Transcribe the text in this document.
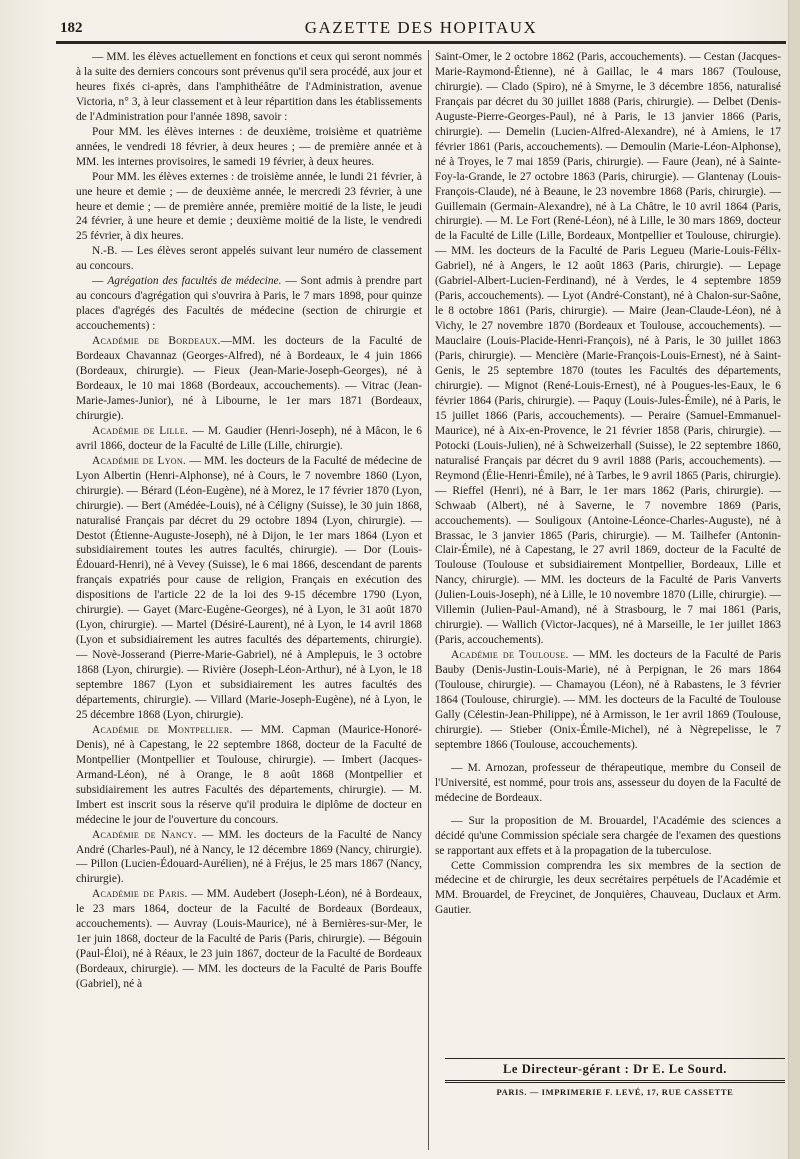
182	GAZETTE DES HOPITAUX

— MM. les élèves actuellement en fonctions et ceux qui seront nommés à la suite des derniers concours sont prévenus qu'il sera procédé, aux jour et heures fixés ci-après, dans l'amphithéâtre de l'Administration, avenue Victoria, n° 3, à leur classement et à leur répartition dans les établissements de l'Administration pour l'année 1898, savoir :

Pour MM. les élèves internes : de deuxième, troisième et quatrième années, le vendredi 18 février, à deux heures ; — de première année et à MM. les internes provisoires, le samedi 19 février, à deux heures.

Pour MM. les élèves externes : de troisième année, le lundi 21 février, à une heure et demie ; — de deuxième année, le mercredi 23 février, à une heure et demie ; — de première année, première moitié de la liste, le jeudi 24 février, à une heure et demie ; deuxième moitié de la liste, le vendredi 25 février, à dix heures.

N.-B. — Les élèves seront appelés suivant leur numéro de classement au concours.

— Agrégation des facultés de médecine. — Sont admis à prendre part au concours d'agrégation qui s'ouvrira à Paris, le 7 mars 1898, pour quinze places d'agrégés des Facultés de médecine (section de chirurgie et accouchements) :

Académie de Bordeaux.—MM. les docteurs de la Faculté de Bordeaux Chavannaz (Georges-Alfred), né à Bordeaux, le 4 juin 1866 (Bordeaux, chirurgie). — Fieux (Jean-Marie-Joseph-Georges), né à Bordeaux, le 10 mai 1868 (Bordeaux, accouchements). — Vitrac (Jean-Marie-James-Junior), né à Libourne, le 1er mars 1871 (Bordeaux, chirurgie).

Académie de Lille. — M. Gaudier (Henri-Joseph), né à Mâcon, le 6 avril 1866, docteur de la Faculté de Lille (Lille, chirurgie).

Académie de Lyon. — MM. les docteurs de la Faculté de médecine de Lyon Albertin (Henri-Alphonse), né à Cours, le 7 novembre 1860 (Lyon, chirurgie). — Bérard (Léon-Eugène), né à Morez, le 17 février 1870 (Lyon, chirurgie). — Bert (Amédée-Louis), né à Céligny (Suisse), le 30 juin 1868, naturalisé Français par décret du 29 octobre 1894 (Lyon, chirurgie). — Destot (Étienne-Auguste-Joseph), né à Dijon, le 1er mars 1864 (Lyon et subsidiairement toutes les autres facultés, chirurgie). — Dor (Louis-Édouard-Henri), né à Vevey (Suisse), le 6 mai 1866, descendant de parents français expatriés pour cause de religion, Français en exécution des dispositions de l'article 22 de la loi des 9-15 décembre 1790 (Lyon, chirurgie). — Gayet (Marc-Eugène-Georges), né à Lyon, le 31 août 1870 (Lyon, chirurgie). — Martel (Désiré-Laurent), né à Lyon, le 14 avril 1868 (Lyon et subsidiairement les autres facultés des départements, chirurgie). — Novè-Josserand (Pierre-Marie-Gabriel), né à Amplepuis, le 3 octobre 1868 (Lyon, chirurgie). — Rivière (Joseph-Léon-Arthur), né à Lyon, le 18 septembre 1867 (Lyon et subsidiairement les autres facultés des départements, chirurgie). — Villard (Marie-Joseph-Eugène), né à Lyon, le 25 décembre 1868 (Lyon, chirurgie).

Académie de Montpellier. — MM. Capman (Maurice-Honoré-Denis), né à Capestang, le 22 septembre 1868, docteur de la Faculté de Montpellier (Montpellier et Toulouse, chirurgie). — Imbert (Jacques-Armand-Léon), né à Orange, le 8 août 1868 (Montpellier et subsidiairement les autres Facultés des départements, chirurgie). — M. Imbert est inscrit sous la réserve qu'il produira le diplôme de docteur en médecine le jour de l'ouverture du concours.

Académie de Nancy. — MM. les docteurs de la Faculté de Nancy André (Charles-Paul), né à Nancy, le 12 décembre 1869 (Nancy, chirurgie). — Pillon (Lucien-Édouard-Aurélien), né à Fréjus, le 25 mars 1867 (Nancy, chirurgie).

Académie de Paris. — MM. Audebert (Joseph-Léon), né à Bordeaux, le 23 mars 1864, docteur de la Faculté de Bordeaux (Bordeaux, accouchements). — Auvray (Louis-Maurice), né à Bernières-sur-Mer, le 1er juin 1868, docteur de la Faculté de Paris (Paris, chirurgie). — Bégouin (Paul-Éloi), né à Réaux, le 23 juin 1867, docteur de la Faculté de Bordeaux (Bordeaux, chirurgie). — MM. les docteurs de la Faculté de Paris Bouffe (Gabriel), né à

Saint-Omer, le 2 octobre 1862 (Paris, accouchements). — Cestan (Jacques-Marie-Raymond-Étienne), né à Gaillac, le 4 mars 1867 (Toulouse, chirurgie). — Clado (Spiro), né à Smyrne, le 3 décembre 1856, naturalisé Français par décret du 30 juillet 1888 (Paris, chirurgie). — Delbet (Denis-Auguste-Pierre-Georges-Paul), né à Paris, le 13 janvier 1866 (Paris, chirurgie). — Demelin (Lucien-Alfred-Alexandre), né à Amiens, le 17 février 1861 (Paris, accouchements). — Demoulin (Marie-Léon-Alphonse), né à Troyes, le 7 mai 1859 (Paris, chirurgie). — Faure (Jean), né à Sainte-Foy-la-Grande, le 27 octobre 1863 (Paris, chirurgie). — Glantenay (Louis-François-Claude), né à Beaune, le 23 novembre 1868 (Paris, chirurgie). — Guillemain (Germain-Alexandre), né à La Châtre, le 10 avril 1864 (Paris, chirurgie). — M. Le Fort (René-Léon), né à Lille, le 30 mars 1869, docteur de la Faculté de Lille (Lille, Bordeaux, Montpellier et Toulouse, chirurgie). — MM. les docteurs de la Faculté de Paris Legueu (Marie-Louis-Félix-Gabriel), né à Angers, le 12 août 1863 (Paris, chirurgie). — Lepage (Gabriel-Albert-Lucien-Ferdinand), né à Verdes, le 4 septembre 1859 (Paris, accouchements). — Lyot (André-Constant), né à Chalon-sur-Saône, le 8 octobre 1861 (Paris, chirurgie). — Maire (Jean-Claude-Léon), né à Vichy, le 27 novembre 1870 (Bordeaux et Toulouse, accouchements). — Mauclaire (Louis-Placide-Henri-François), né à Paris, le 30 juillet 1863 (Paris, chirurgie). — Mencière (Marie-François-Louis-Ernest), né à Saint-Genis, le 25 septembre 1870 (toutes les Facultés des départements, chirurgie). — Mignot (René-Louis-Ernest), né à Pougues-les-Eaux, le 6 février 1864 (Paris, chirurgie). — Paquy (Louis-Jules-Émile), né à Paris, le 15 juillet 1866 (Paris, accouchements). — Peraire (Samuel-Emmanuel-Maurice), né à Aix-en-Provence, le 21 février 1858 (Paris, chirurgie). — Potocki (Louis-Julien), né à Schweizerhall (Suisse), le 22 septembre 1860, naturalisé Français par décret du 9 avril 1888 (Paris, accouchements). — Reymond (Élie-Henri-Émile), né à Tarbes, le 9 avril 1865 (Paris, chirurgie). — Rieffel (Henri), né à Barr, le 1er mars 1862 (Paris, chirurgie). — Schwaab (Albert), né à Saverne, le 7 novembre 1869 (Paris, accouchements). — Souligoux (Antoine-Léonce-Charles-Auguste), né à Brassac, le 3 janvier 1865 (Paris, chirurgie). — M. Tailhefer (Antonin-Clair-Émile), né à Capestang, le 27 avril 1869, docteur de la Faculté de Toulouse (Toulouse et subsidiairement Montpellier, Bordeaux, Lille et Nancy, chirurgie). — MM. les docteurs de la Faculté de Paris Vanverts (Julien-Louis-Joseph), né à Lille, le 10 novembre 1870 (Lille, chirurgie). — Villemin (Julien-Paul-Amand), né à Strasbourg, le 7 mai 1861 (Paris, chirurgie). — Wallich (Victor-Jacques), né à Marseille, le 1er juillet 1863 (Paris, accouchements).

Académie de Toulouse. — MM. les docteurs de la Faculté de Paris Bauby (Denis-Justin-Louis-Marie), né à Perpignan, le 26 mars 1864 (Toulouse, chirurgie). — Chamayou (Léon), né à Rabastens, le 3 février 1864 (Toulouse, chirurgie). — MM. les docteurs de la Faculté de Toulouse Gally (Célestin-Jean-Philippe), né à Armisson, le 1er avril 1869 (Toulouse, chirurgie). — Stieber (Onix-Émile-Michel), né à Nègrepelisse, le 7 septembre 1866 (Toulouse, accouchements).

— M. Arnozan, professeur de thérapeutique, membre du Conseil de l'Université, est nommé, pour trois ans, assesseur du doyen de la Faculté de médecine de Bordeaux.

— Sur la proposition de M. Brouardel, l'Académie des sciences a décidé qu'une Commission spéciale sera chargée de l'examen des questions se rapportant aux effets et à la propagation de la tuberculose.

Cette Commission comprendra les six membres de la section de médecine et de chirurgie, les deux secrétaires perpétuels de l'Académie et MM. Brouardel, de Freycinet, de Jonquières, Chauveau, Duclaux et Arm. Gautier.

Le Directeur-gérant : Dr E. Le Sourd.
PARIS. — IMPRIMERIE F. LEVÉ, 17, RUE CASSETTE
